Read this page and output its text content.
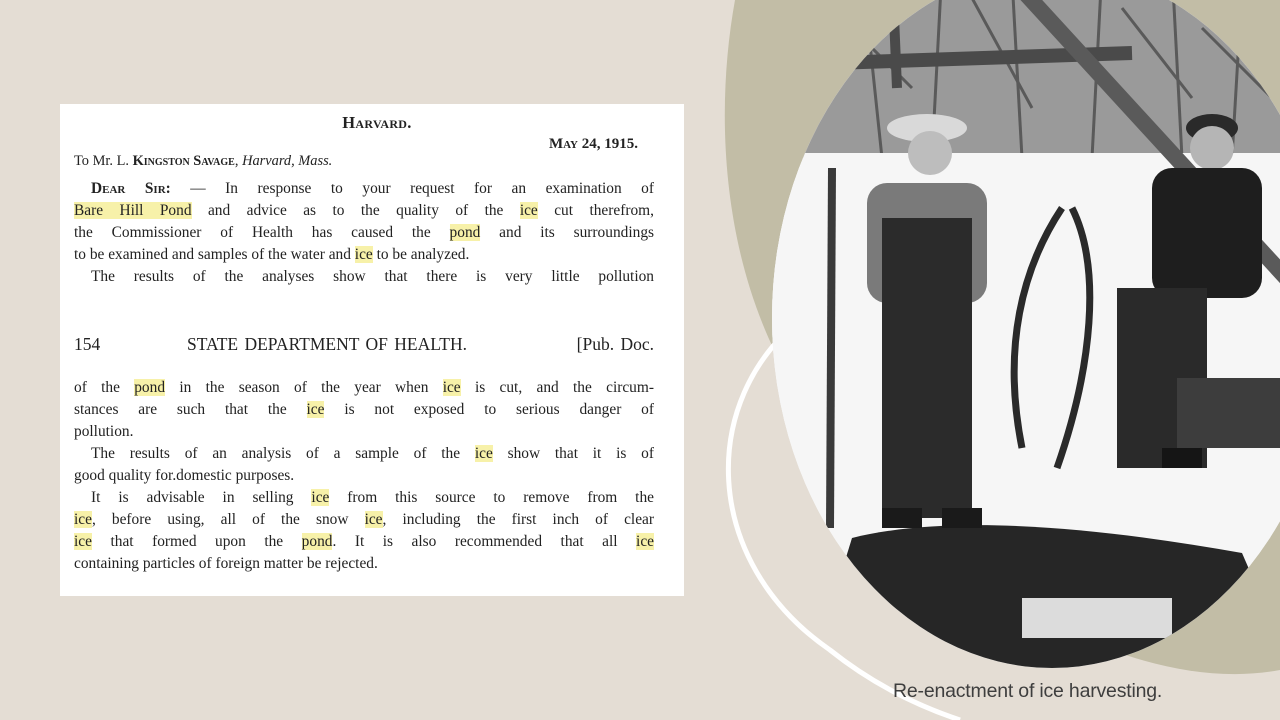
Harvard.
May 24, 1915.
To Mr. L. Kingston Savage, Harvard, Mass.
Dear Sir: — In response to your request for an examination of
Bare Hill Pond and advice as to the quality of the ice cut therefrom,
the Commissioner of Health has caused the pond and its surroundings
to be examined and samples of the water and ice to be analyzed.
The results of the analyses show that there is very little pollution
154	STATE DEPARTMENT OF HEALTH.	[Pub. Doc.
of the pond in the season of the year when ice is cut, and the circum-
stances are such that the ice is not exposed to serious danger of
pollution.
The results of an analysis of a sample of the ice show that it is of
good quality for.domestic purposes.
It is advisable in selling ice from this source to remove from the
ice, before using, all of the snow ice, including the first inch of clear
ice that formed upon the pond. It is also recommended that all ice
containing particles of foreign matter be rejected.
Re-enactment of ice harvesting.
